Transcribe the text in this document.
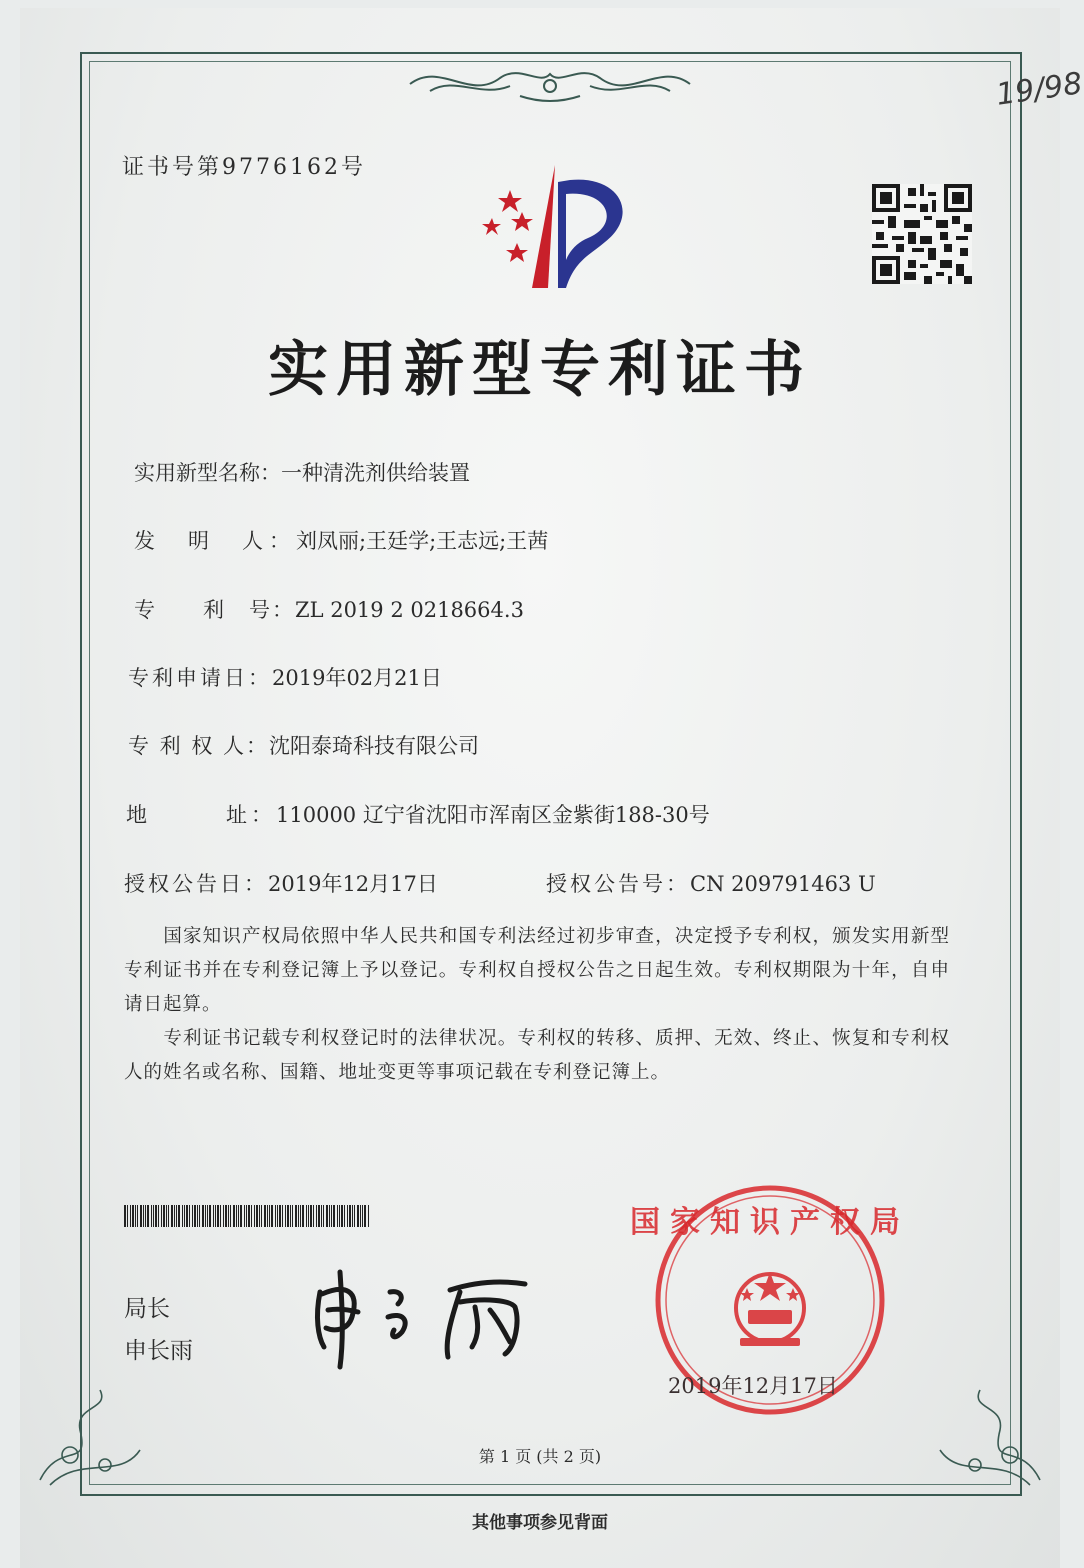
19/98
证书号第9776162号
实用新型专利证书
实用新型名称：一种清洗剂供给装置
发　明　人：刘凤丽;王廷学;王志远;王茜
专　　利　号：ZL 2019 2 0218664.3
专利申请日：2019年02月21日
专 利 权 人：沈阳泰琦科技有限公司
地　　　址：110000 辽宁省沈阳市浑南区金紫街188-30号
授权公告日：2019年12月17日	授权公告号：CN 209791463 U
　　国家知识产权局依照中华人民共和国专利法经过初步审查，决定授予专利权，颁发实用新型专利证书并在专利登记簿上予以登记。专利权自授权公告之日起生效。专利权期限为十年，自申请日起算。
　　专利证书记载专利权登记时的法律状况。专利权的转移、质押、无效、终止、恢复和专利权人的姓名或名称、国籍、地址变更等事项记载在专利登记簿上。
局长
申长雨
国家知识产权局
2019年12月17日
第 1 页 (共 2 页)
其他事项参见背面
